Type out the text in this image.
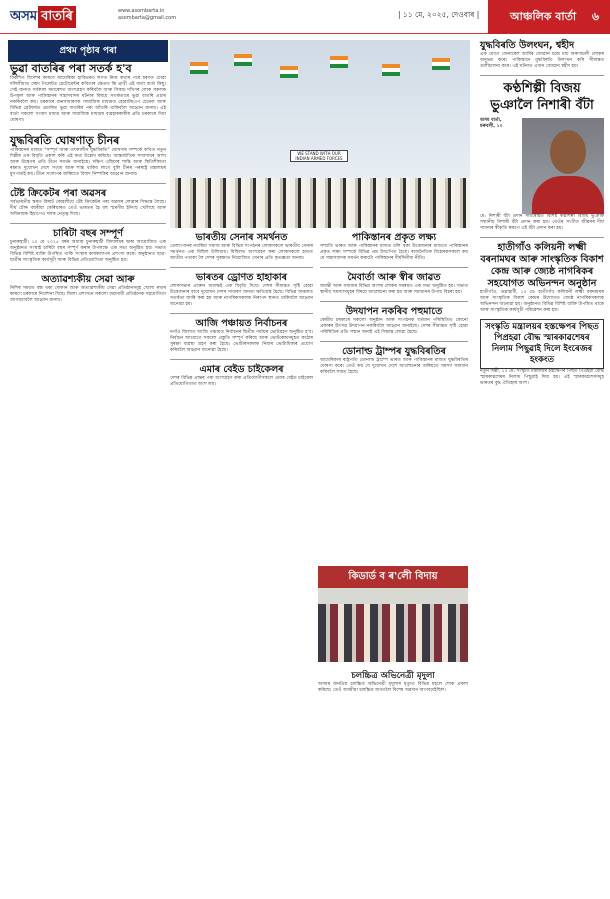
অসম বাতৰি	www.asombarta.in
asombarta@gmail.com	| ১১ মে, ২০২৫, দেওবাৰ |	আঞ্চলিক বাৰ্তা ৬
প্ৰথম পৃষ্ঠাৰ পৰা
ভুৱা বাতৰিৰ পৰা সতৰ্ক হ'ব
বিকশিত বিদেশৰ কাৰণে আমেৰিকা হাবিভৰত লগত নিজ কথাৰ পৰে চৰণত চোৱা দলিলীয়াত চ্ছেদ পিলেটত চেটোমেন্টৰ কবিতাৰ ক্ষেত্ৰত স্কি প্ৰাৰ্থী এই বাৰ্তা বাৰ্তা কিছু। সেই জন্যত সৰ্বকাল সমাৰেশত অংশগ্ৰহণ কৰিবলৈ আৰু সিকাচ দখিণৰ লোক সকলক উপকূল আৰু পাকিস্তানৰ সন্ত্ৰাসবাদৰ ঘটনাৰ বিষয়ে সতৰ্কতাৰে ভুৱা বাতৰি প্ৰচাৰ নকৰিবলৈ কয়। চৰকাৰে জনসাধাৰণক সামাজিক মাধ্যমত হোৱাটছএপ চেনেল আৰু বিভিন্ন প্লেটফৰ্মত প্ৰচাৰিত ভুৱা বাতৰিৰ পৰা আঁতৰি থাকিবলৈ আহ্বান জনায়। এই বাৰ্তা সকলো সংবাদ মাধ্যম আৰু সামাজিক মাধ্যমৰ ব্যৱহাৰকাৰীৰ প্ৰতি চৰকাৰে দিয়া ঘোষণা।
যুদ্ধবিৰতি ঘোষণাতৃ চীনৰ
পাকিস্তানৰ মাজত "সম্পূৰ্ণ আৰু তৎকালীন যুদ্ধবিৰতি" ঘোষণাৰ সম্পৰ্কে কথিত নতুন দিল্লীৰ এক বিবৃতি প্ৰকাশ কৰি এই কথা উল্লেখ কৰিছে। আন্তৰ্জাতিক সম্প্ৰদায়ৰ আশা আৰু উদ্বেগৰ প্ৰতি চীনে সমৰ্থন জনাইছে। দক্ষিণ এছিয়াৰ শান্তি আৰু স্থিতিশীলতা ৰক্ষাত দুয়োখন দেশে সংযম আৰু শান্ত থাকিব লাগে বুলি চীনৰ পৰৰাষ্ট্ৰ মন্ত্ৰালয়ৰ মুখপাত্ৰই কয়। চীনে সংলাপৰ জৰিয়তে বিবাদ নিষ্পত্তিৰ আহ্বান জনায়।
টেষ্ট ক্ৰিকেটৰ পৰা অৱসৰ
সৰ্বভাৰতীয় স্তৰত বিৰাট কোহলীয়ে টেষ্ট ক্ৰিকেটৰ পৰা অৱসৰ লোৱাৰ সিদ্ধান্ত লৈছে। দীৰ্ঘ চৌদ্দ বছৰীয়া কেৰিয়াৰত তেওঁ ভাৰতৰ হৈ বহু স্মৰণীয় ইনিংছ খেলিছে আৰু অধিনায়ক হিচাপেও দলক নেতৃত্ব দিছে।
চাৰিটা বছৰ সম্পূৰ্ণ
চুনাৰুহাটী। ১০ মে ২০২৫ বৰ্ষৰ অধ্যায় চুনাৰুহাটী বিদ্যালয়ৰ দ্বাৰা আয়োজিত এক অনুষ্ঠানত সংস্থাই চাৰিটা বছৰ সম্পূৰ্ণ কৰাৰ উপলক্ষে এক সভা অনুষ্ঠিত হয়। সভাত বিভিন্ন বিশিষ্ট ব্যক্তি উপস্থিত থাকি সংস্থাৰ কাৰ্যকলাপৰ প্ৰশংসা কৰে। অনুষ্ঠানত ছাত্ৰ-ছাত্ৰীৰ সাংস্কৃতিক কাৰ্যসূচী আৰু বিভিন্ন প্ৰতিযোগিতা অনুষ্ঠিত হয়।
অত্যাৱশ্যকীয় সেৱা আৰু
নিশিৰ সময়ত বন্ধ থকা দোকান আৰু অত্যাৱশ্যকীয় সেৱা প্ৰতিষ্ঠানসমূহ খোলা ৰখাৰ কাৰণে চৰকাৰে নিৰ্দেশনা দিছে। জিলা প্ৰশাসনে সকলো ব্যৱসায়ী প্ৰতিষ্ঠানক সহযোগিতা আগবঢ়াবলৈ আহ্বান জনায়।
WE STAND WITH OUR INDIAN ARMED FORCES
ভাৰতীয় সেনাৰ সমৰ্থনত
তেলাংগানৰ নগৰিয়া সমাজ আৰু বিভিন্ন সংগঠনৰ লোকসকলে ভাৰতীয় সেনাৰ সমৰ্থনত এক মিছিল উলিয়ায়। মিছিলত অংশগ্ৰহণ কৰা লোকসকলে হাতত জাতীয় পতাকা লৈ দেশৰ সুৰক্ষাত নিয়োজিত সেনাৰ প্ৰতি কৃতজ্ঞতা জনায়।
ভাৰতৰ ড্ৰোণত হাহাকাৰ
লোকসভাৰ প্ৰাক্তন অধ্যক্ষই এক বিবৃতি দিয়ে। দেশৰ সীমান্তত সৃষ্টি হোৱা উত্তেজনাৰ বাবে দুয়োখন দেশৰ সাধাৰণ জনতা ক্ষতিগ্ৰস্ত হৈছে। বিভিন্ন অঞ্চলত সতৰ্কতা জাৰি কৰা হয় আৰু নাগৰিকসকলক নিৰাপদ স্থানত থাকিবলৈ আহ্বান জনোৱা হয়।
আজি পঞ্চায়ত নিৰ্বাচনৰ
নগাঁও জিলাত আজি পঞ্চায়ত নিৰ্বাচনৰ দ্বিতীয় পৰ্যায়ৰ ভোটগ্ৰহণ অনুষ্ঠিত হ'ব। নিৰ্বাচন আয়োগে সকলো প্ৰস্তুতি সম্পূৰ্ণ কৰিছে আৰু ভোটকেন্দ্ৰসমূহত কঠোৰ সুৰক্ষা ব্যৱস্থা গ্ৰহণ কৰা হৈছে। ভোটাৰসকলক নিজৰ ভোটাধিকাৰ প্ৰয়োগ কৰিবলৈ আহ্বান জনোৱা হৈছে।
এমাৰ বেইড চাইকেলৰ
দেশৰ বিভিন্ন প্ৰান্তৰ পৰা অংশগ্ৰহণ কৰা প্ৰতিযোগীসকলে এমাৰ বেইড চাইকেল প্ৰতিযোগিতাত অংশ লয়।
পাকিস্তানৰ প্ৰকৃত লক্ষ্য
সম্প্ৰতি ভাৰত আৰু পাকিস্তানৰ মাজত চলি থকা উত্তেজনাৰ মাজতে পাকিস্তানৰ প্ৰকৃত লক্ষ্য সম্পৰ্কে বিভিন্ন প্ৰশ্ন উত্থাপিত হৈছে। ৰাজনৈতিক বিশ্লেষকসকলে কয় যে সন্ত্ৰাসবাদক সমৰ্থন কৰাটো পাকিস্তানৰ দীৰ্ঘদিনীয়া নীতি।
মৈবাৰ্তা আৰু স্বীৰ জাৱত
জয়ন্তী আৰু সমাজৰ বিভিন্ন অংশৰ লোকৰ সমন্বয়ত এক সভা অনুষ্ঠিত হয়। সভাত স্থানীয় সমস্যাসমূহৰ বিষয়ে আলোচনা কৰা হয় আৰু সমাধানৰ উপায় বিচৰা হয়।
উদযাপন নকৰিব পহুমাতে
কেন্দ্ৰীয় চৰকাৰে সকলো অনুষ্ঠান আৰু সংগঠনক বৰ্তমান পৰিস্থিতিত কোনো প্ৰকাৰৰ উৎসৱ উদযাপন নকৰিবলৈ আহ্বান জনাইছে। দেশৰ সীমান্তত সৃষ্টি হোৱা পৰিস্থিতিৰ প্ৰতি সন্মান জনাই এই সিদ্ধান্ত লোৱা হৈছে।
ডোনাল্ড ট্ৰাম্পৰ যুদ্ধবিৰতিৰ
আমেৰিকাৰ ৰাষ্ট্ৰপতি ডোনাল্ড ট্ৰাম্পে ভাৰত আৰু পাকিস্তানৰ মাজত যুদ্ধবিৰতিৰ ঘোষণা কৰে। তেওঁ কয় যে দুয়োখন দেশে আলোচনাৰ জৰিয়তে সমস্যা সমাধান কৰিবলৈ সন্মত হৈছে।
কিডাৰ্ড ব ৰ'লেী বিদায়
চলচ্চিত্ৰ অভিনেত্ৰী মৃদুলা
অসমৰ জনপ্ৰিয় চলচ্চিত্ৰ অভিনেত্ৰী মৃদুলাৰ মৃত্যুত বিভিন্ন মহলে শোক প্ৰকাশ কৰিছে। তেওঁ অসমীয়া চলচ্চিত্ৰ জগতলৈ বিশেষ অৱদান আগবঢ়াইছিল।
যুদ্ধবিৰতি উলংঘন, শ্বহীদ
এক যোগে জেনাৰেল আৰ্মিৰ জোৱান চন্দ্ৰে মাৰ্চ অৰুণাচলী লোকৰ অনুভৱ কৰে। পাকিস্তানে যুদ্ধবিৰতি উলংঘন কৰি সীমান্তত গুলীচালনা কৰে। এই ঘটনাত এজন জোৱান শ্বহীদ হয়।
কণ্ঠশিল্পী বিজয় ভুঞালৈ নিশাৰী বঁটা
অসম বাৰ্তা, মৰুবলী, ১০
মে: নিশাৰী বঁটা প্ৰদান সমাৰোহত বিশিষ্ট কণ্ঠশিল্পী বিজয় ভুঞাক সন্মানীয় নিশাৰী বঁটা প্ৰদান কৰা হয়। তেওঁৰ সংগীত জীৱনৰ দীৰ্ঘ সাধনাৰ স্বীকৃতি স্বৰূপে এই বঁটা প্ৰদান কৰা হয়।
হাতীগাঁও কলিয়নী লক্ষ্মী বৰনামঘৰ আৰু সাংস্কৃতিক বিকাশ কেন্দ্ৰ আৰু জ্যেষ্ঠ নাগৰিকৰ সহযোগত অভিনন্দন অনুষ্ঠান
হাতীগাঁও, গুৱাহাটী, ১০ মে: হাতীগাঁও কলিয়নী লক্ষ্মী বৰনামঘৰ আৰু সাংস্কৃতিক বিকাশ কেন্দ্ৰৰ উদ্যোগত জ্যেষ্ঠ নাগৰিকসকলক অভিনন্দন জনোৱা হয়। অনুষ্ঠানত বিভিন্ন বিশিষ্ট ব্যক্তি উপস্থিত থাকে আৰু সাংস্কৃতিক কাৰ্যসূচী পৰিৱেশন কৰা হয়।
সংস্কৃতি মন্ত্ৰালয়ৰ হস্তক্ষেপৰ পিছত পিপ্ৰহৱা বৌদ্ধ স্মাৰকাৱশেষৰ নিলাম পিছুৱাই দিলে ইংৰেজৰ হংকংত
নতুন দিল্লী, ১০ মে: সংস্কৃতি মন্ত্ৰালয়ৰ হস্তক্ষেপৰ পিছত পিপ্ৰহৱা বৌদ্ধ স্মাৰকাৱশেষৰ নিলাম পিছুৱাই দিয়া হয়। এই স্মাৰকাৱশেষসমূহ ভাৰতৰ বুদ্ধ ঐতিহ্যৰ অংশ।
